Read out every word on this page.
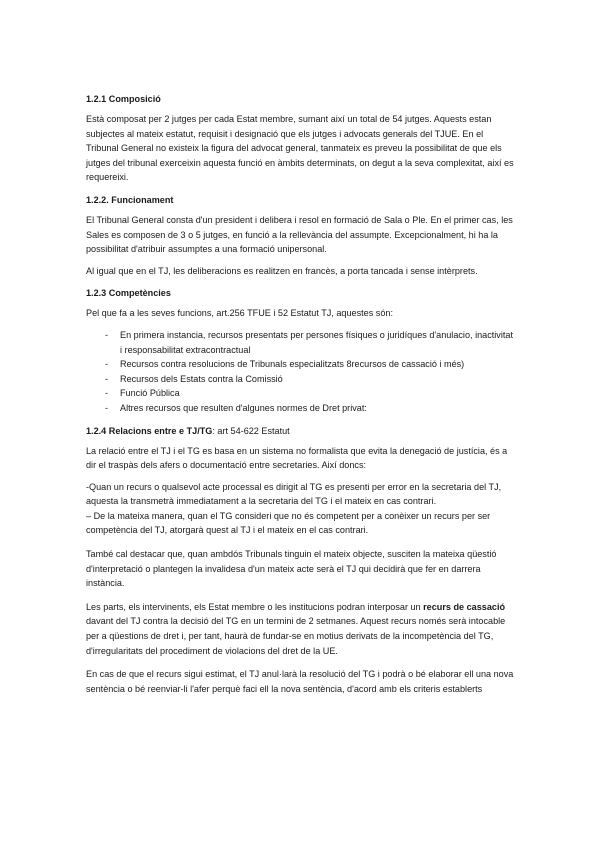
1.2.1 Composició

Està composat per 2 jutges per cada Estat membre, sumant així un total de 54 jutges. Aquests estan subjectes al mateix estatut, requisit i designació que els jutges i advocats generals del TJUE. En el Tribunal General no existeix la figura del advocat general, tanmateix es preveu la possibilitat de que els jutges del tribunal exerceixin aquesta funció en àmbits determinats, on degut a la seva complexitat, així es requereixi.

1.2.2. Funcionament

El Tribunal General consta d'un president i delibera i resol en formació de Sala o Ple. En el primer cas, les Sales es composen de 3 o 5 jutges, en funció a la rellevància del assumpte. Excepcionalment, hi ha la possibilitat d'atribuir assumptes a una formació unipersonal.

Al igual que en el TJ, les deliberacions es realitzen en francès, a porta tancada i sense intèrprets.

1.2.3 Competències

Pel que fa a les seves funcions, art.256 TFUE i 52 Estatut TJ, aquestes són:

- En primera instancia, recursos presentats per persones físiques o juridíques d'anulacio, inactivitat i responsabilitat extracontractual
- Recursos contra resolucions de Tribunals especialitzats 8recursos de cassació i més)
- Recursos dels Estats contra la Comissió
- Funció Pública
- Altres recursos que resulten d'algunes normes de Dret privat:
1.2.4 Relacions entre e TJ/TG: art 54-622 Estatut

La relació entre el TJ i el TG es basa en un sistema no formalista que evita la denegació de justícia, és a dir el traspàs dels afers o documentació entre secretaries. Així doncs:

-Quan un recurs o qualsevol acte processal es dirigit al TG es presenti per error en la secretaria del TJ, aquesta la transmetrà immediatament a la secretaria del TG i el mateix en cas contrari.

– De la mateixa manera, quan el TG consideri que no és competent per a conèixer un recurs per ser competència del TJ, atorgarà quest al TJ i el mateix en el cas contrari.

També cal destacar que, quan ambdós Tribunals tinguin el mateix objecte, susciten la mateixa qüestió d'interpretació o plantegen la invalidesa d'un mateix acte serà el TJ qui decidirà que fer en darrera instància.

Les parts, els intervinents, els Estat membre o les institucions podran interposar un recurs de cassació davant del TJ contra la decisió del TG en un termini de 2 setmanes. Aquest recurs només serà intocable per a qüestions de dret i, per tant, haurà de fundar-se en motius derivats de la incompetència del TG, d'irregularitats del procediment de violacions del dret de la UE.

En cas de que el recurs sigui estimat, el TJ anul·larà la resolució del TG i podrà o bé elaborar ell una nova sentència o bé reenviar-li l'afer perquè faci ell la nova sentència, d'acord amb els criteris establerts
